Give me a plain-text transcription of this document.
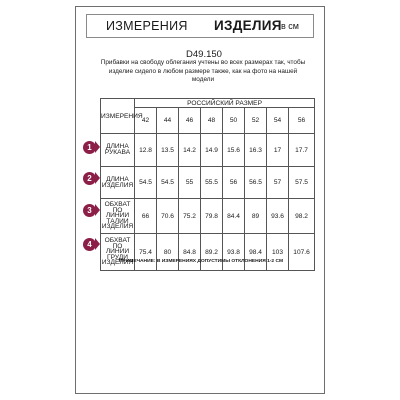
ИЗМЕРЕНИЯ ИЗДЕЛИЯ в см
D49.150
Прибавки на свободу облегания учтены во всех размерах так, чтобы изделие сидело в любом размере также, как на фото на нашей модели
1
2
3
4
ИЗМЕРЕНИЯ	РОССИЙСКИЙ РАЗМЕР							
	42	44	46	48	50	52	54	56
ДЛИНА РУКАВА	12.8	13.5	14.2	14.9	15.6	16.3	17	17.7
ДЛИНА ИЗДЕЛИЯ	54.5	54.5	55	55.5	56	56.5	57	57.5
ОБХВАТ ПО ЛИНИИ ТАЛИИ ИЗДЕЛИЯ	66	70.6	75.2	79.8	84.4	89	93.6	98.2
ОБХВАТ ПО ЛИНИИ ГРУДИ ИЗДЕЛИЯ	75.4	80	84.8	89.2	93.8	98.4	103	107.6
ПРИМЕЧАНИЕ: В ИЗМЕРЕНИЯХ ДОПУСТИМЫ ОТКЛОНЕНИЯ 1-2 СМ
